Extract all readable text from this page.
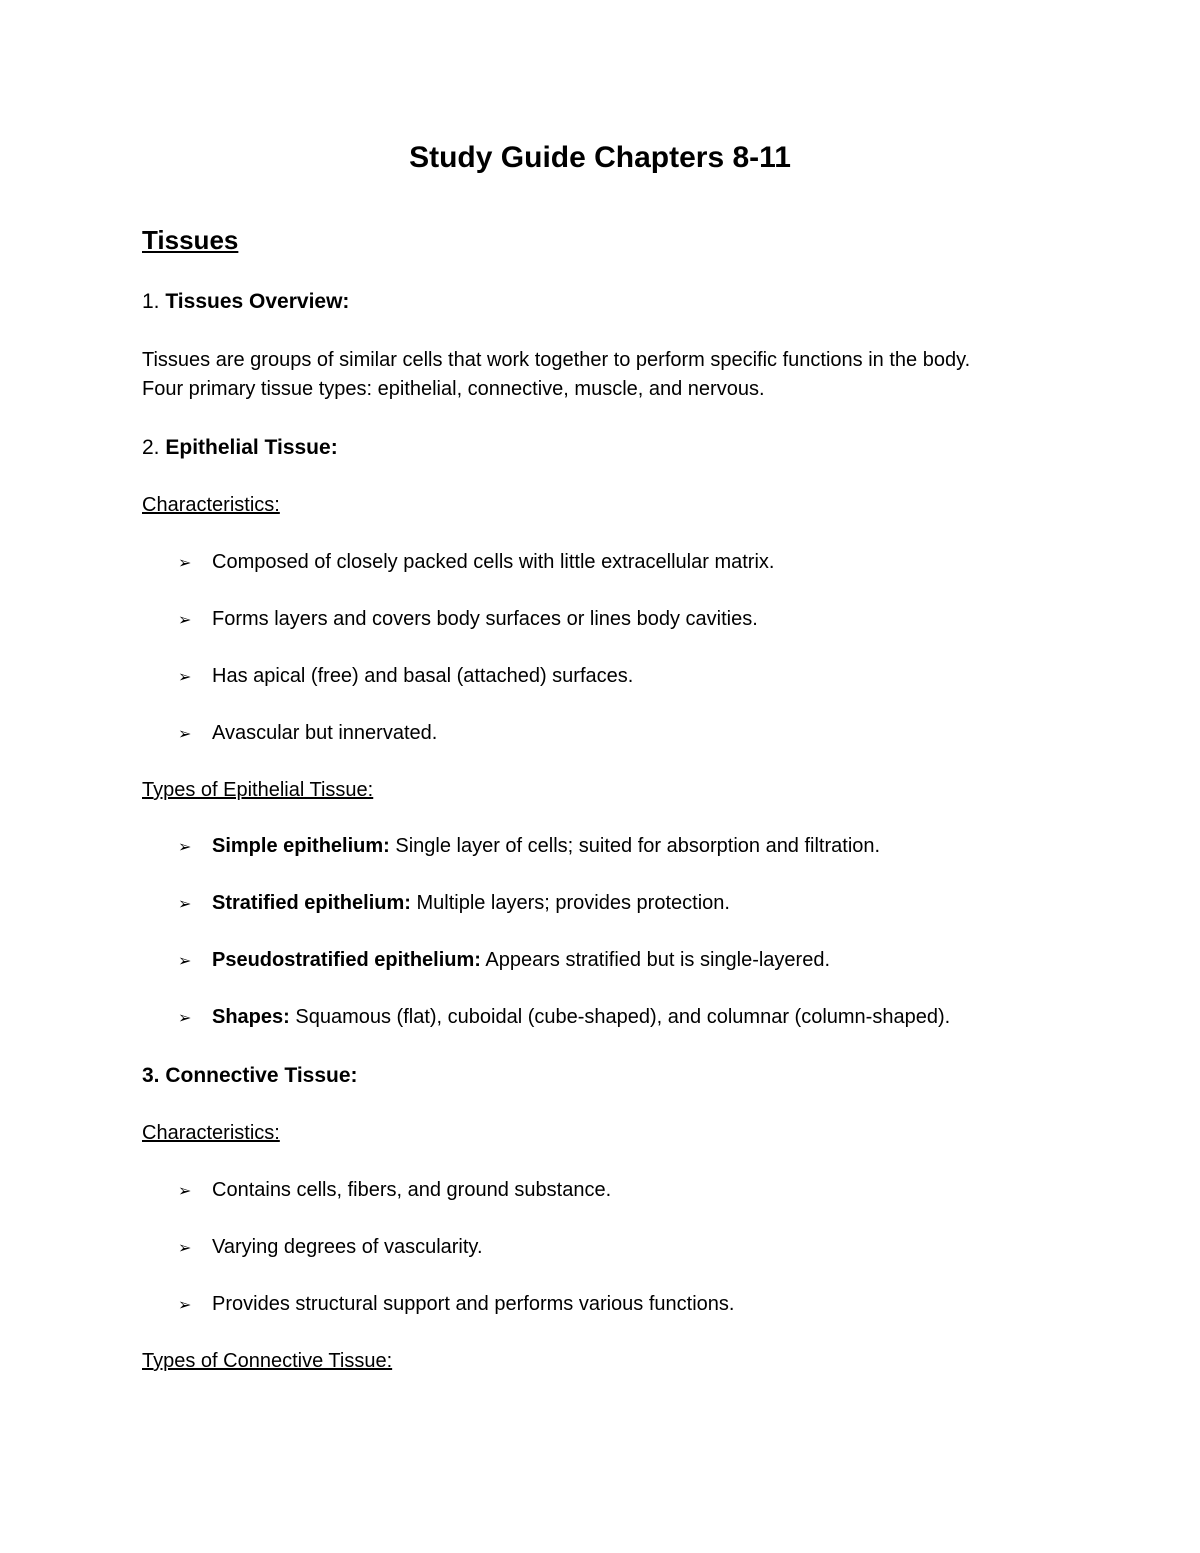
Study Guide Chapters 8-11
Tissues
1. Tissues Overview:
Tissues are groups of similar cells that work together to perform specific functions in the body.
Four primary tissue types: epithelial, connective, muscle, and nervous.
2. Epithelial Tissue:
Characteristics:
➢ Composed of closely packed cells with little extracellular matrix.
➢ Forms layers and covers body surfaces or lines body cavities.
➢ Has apical (free) and basal (attached) surfaces.
➢ Avascular but innervated.
Types of Epithelial Tissue:
➢ Simple epithelium: Single layer of cells; suited for absorption and filtration.
➢ Stratified epithelium: Multiple layers; provides protection.
➢ Pseudostratified epithelium: Appears stratified but is single-layered.
➢ Shapes: Squamous (flat), cuboidal (cube-shaped), and columnar (column-shaped).
3. Connective Tissue:
Characteristics:
➢ Contains cells, fibers, and ground substance.
➢ Varying degrees of vascularity.
➢ Provides structural support and performs various functions.
Types of Connective Tissue:
